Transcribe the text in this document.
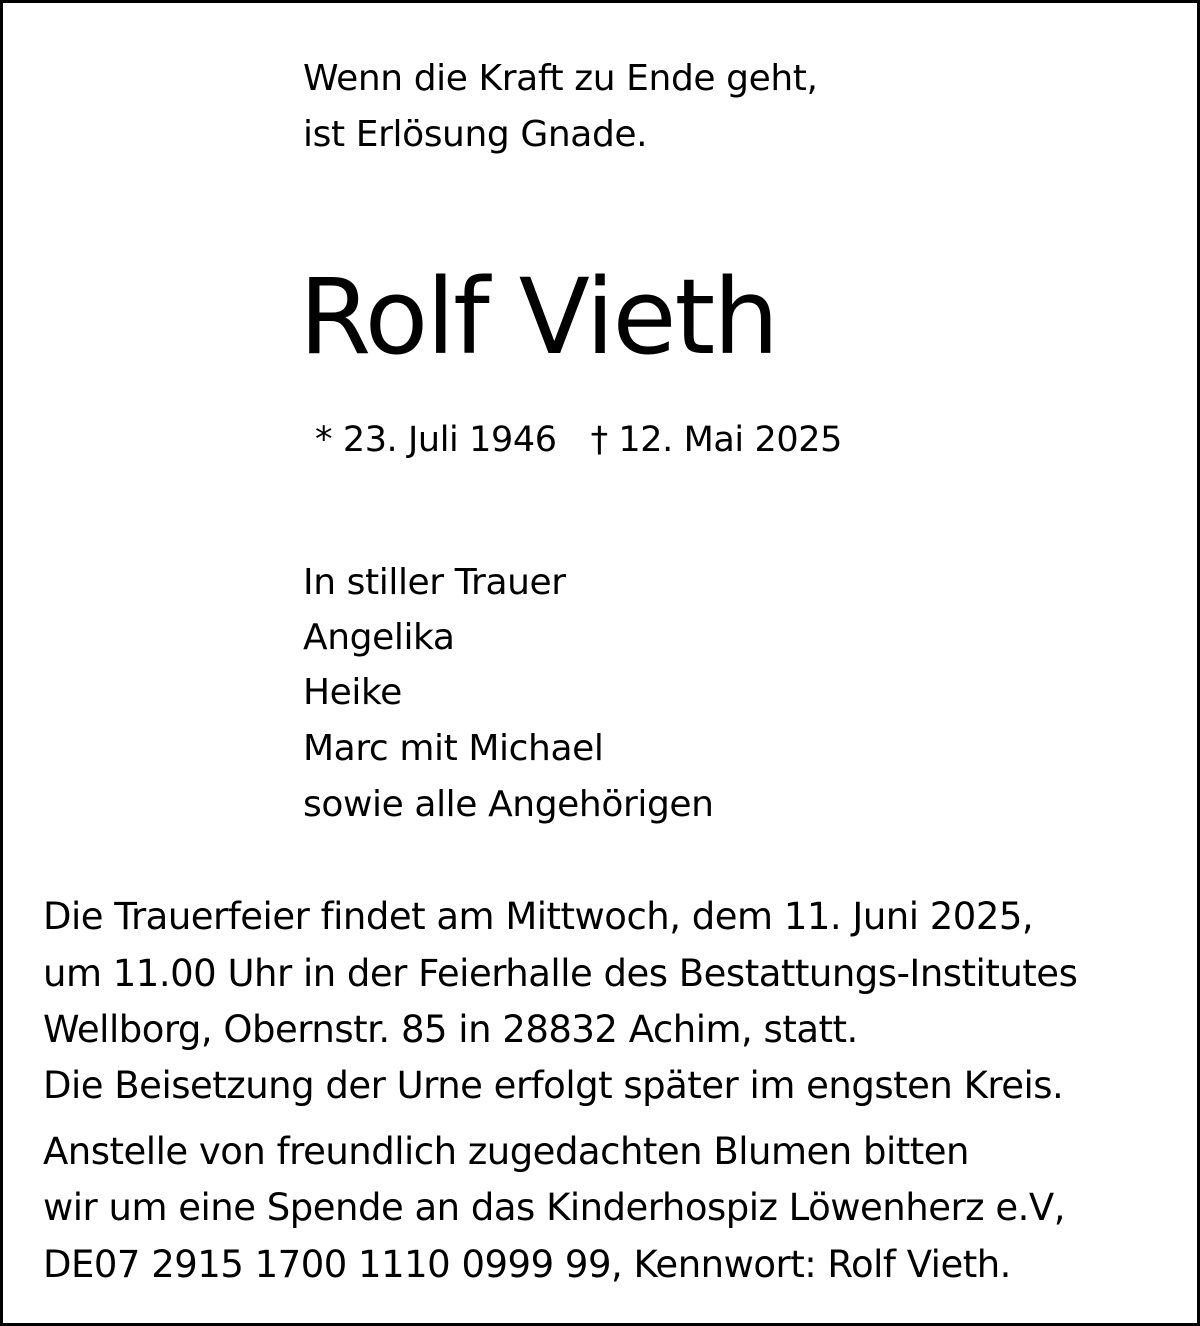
Wenn die Kraft zu Ende geht,
ist Erlösung Gnade.
Rolf Vieth
* 23. Juli 1946 † 12. Mai 2025
In stiller Trauer
Angelika
Heike
Marc mit Michael
sowie alle Angehörigen
Die Trauerfeier findet am Mittwoch, dem 11. Juni 2025,
um 11.00 Uhr in der Feierhalle des Bestattungs-Institutes
Wellborg, Obernstr. 85 in 28832 Achim, statt.
Die Beisetzung der Urne erfolgt später im engsten Kreis.
Anstelle von freundlich zugedachten Blumen bitten
wir um eine Spende an das Kinderhospiz Löwenherz e.V,
DE07 2915 1700 1110 0999 99, Kennwort: Rolf Vieth.
